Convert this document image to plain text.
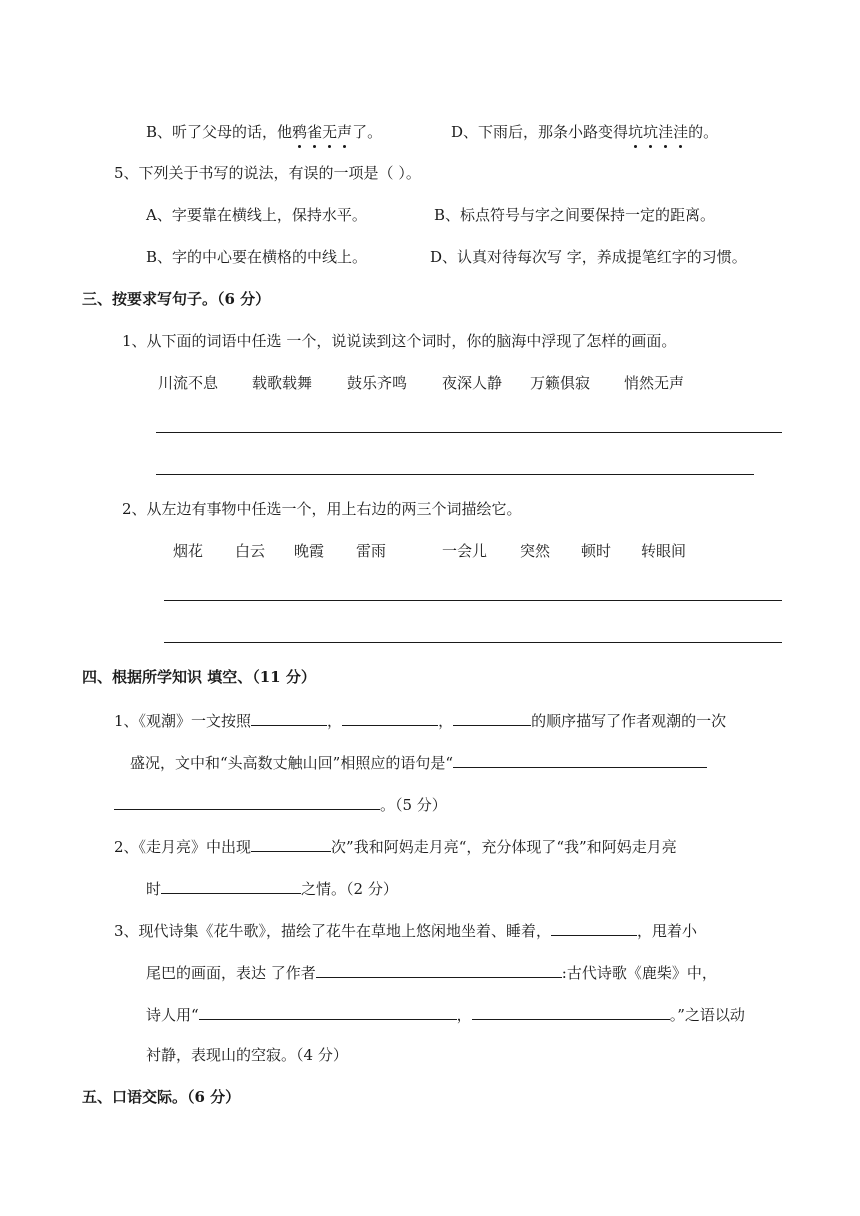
B、听了父母的话，他鸦雀无声了。	D、下雨后，那条小路变得坑坑洼洼的。
5、下列关于书写的说法，有误的一项是（ ）。
A、字要靠在横线上，保持水平。	B、标点符号与字之间要保持一定的距离。
B、字的中心要在横格的中线上。	D、认真对待每次写 字，养成提笔红字的习惯。
三、按要求写句子。（6 分）
1、从下面的词语中任选 一个，说说读到这个词时，你的脑海中浮现了怎样的画面。
川流不息 载歌载舞 鼓乐齐鸣 夜深人静 万籁俱寂 悄然无声
2、从左边有事物中任选一个，用上右边的两三个词描绘它。
烟花 白云 晚霞 雷雨	一会儿 突然 顿时 转眼间
四、根据所学知识 填空、（11 分）
1、《观潮》一文按照	，	，	的顺序描写了作者观潮的一次
盛况，文中和“头高数丈触山回”相照应的语句是“
。（5 分）
2、《走月亮》中出现	次”我和阿妈走月亮“，充分体现了“我”和阿妈走月亮
时	之情。（2 分）
3、现代诗集《花牛歌》，描绘了花牛在草地上悠闲地坐着、睡着，	，甩着小
尾巴的画面，表达 了作者	:古代诗歌《鹿柴》中，
诗人用“	，	。”之语以动
衬静，表现山的空寂。（4 分）
五、口语交际。（6 分）
